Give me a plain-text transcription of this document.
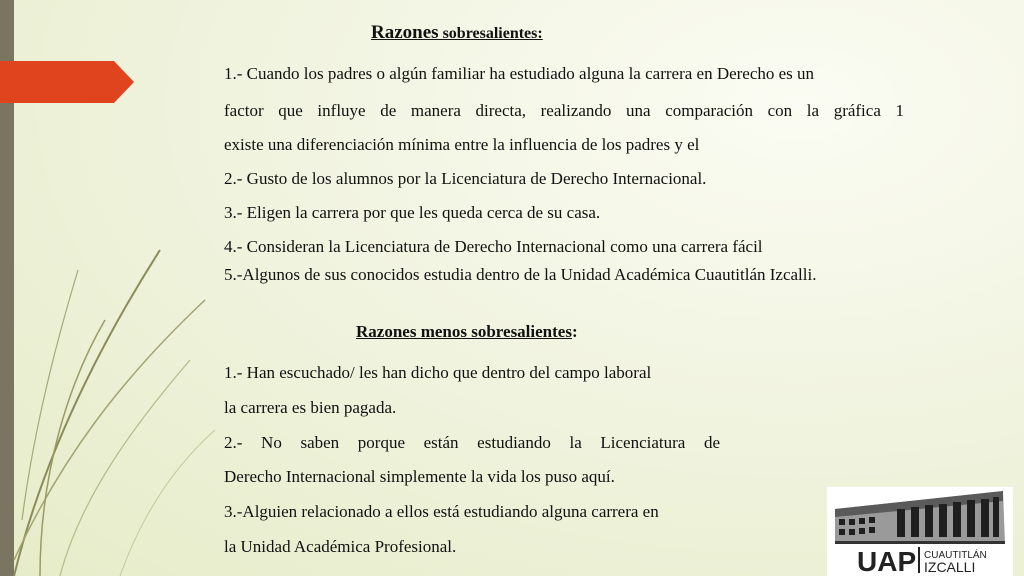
Razones sobresalientes:
1.- Cuando los padres o algún familiar ha estudiado alguna la carrera en Derecho es un
factor que influye de manera directa, realizando una comparación con la gráfica 1
existe una diferenciación mínima entre la influencia de los padres y el
2.- Gusto de los alumnos por la Licenciatura de Derecho Internacional.
3.- Eligen la carrera por que les queda cerca de su casa.
4.- Consideran la Licenciatura de Derecho Internacional como una carrera fácil
5.-Algunos de sus conocidos estudia dentro de la Unidad Académica Cuautitlán Izcalli.
Razones menos sobresalientes:
1.- Han escuchado/ les han dicho que dentro del campo laboral
la carrera es bien pagada.
2.- No saben porque están estudiando la Licenciatura de
Derecho Internacional simplemente la vida los puso aquí.
3.-Alguien relacionado a ellos está estudiando alguna carrera en
la Unidad Académica Profesional.	UAP CUAUTITLÁN
IZCALLI
